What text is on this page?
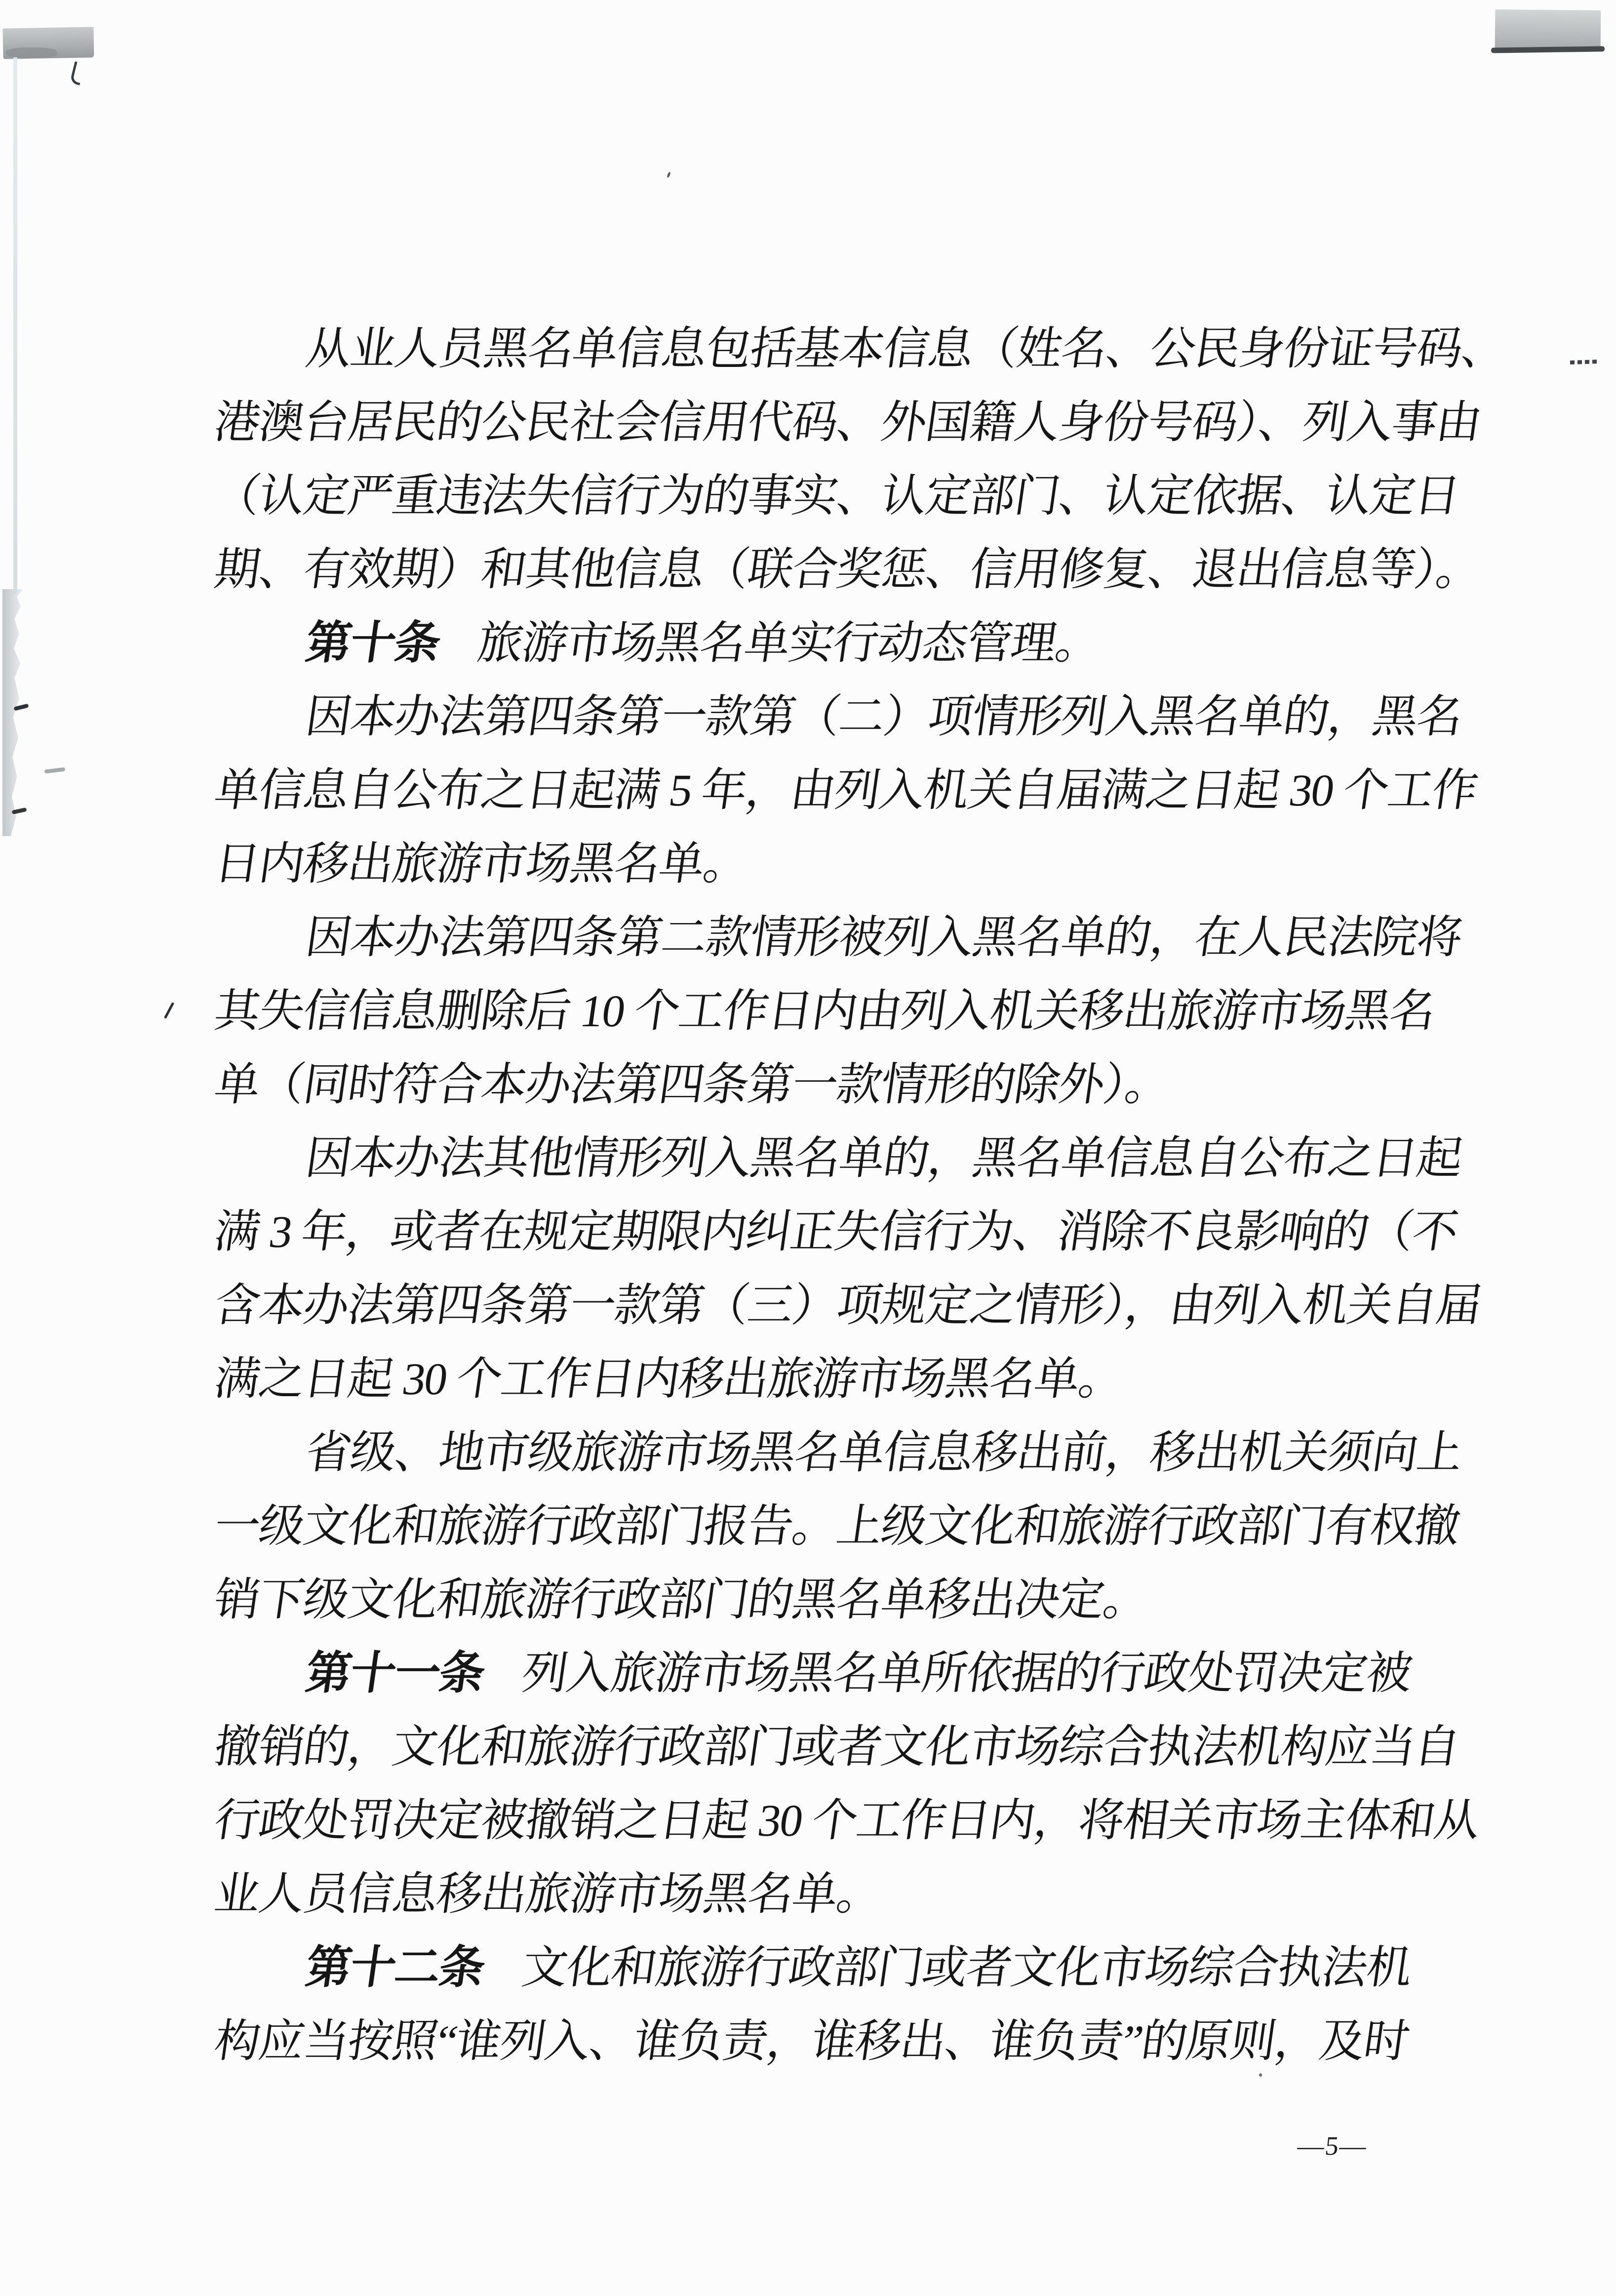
从业人员黑名单信息包括基本信息（姓名、公民身份证号码、
港澳台居民的公民社会信用代码、外国籍人身份号码）、列入事由
（认定严重违法失信行为的事实、认定部门、认定依据、认定日
期、有效期）和其他信息（联合奖惩、信用修复、退出信息等）。
第十条 旅游市场黑名单实行动态管理。
因本办法第四条第一款第（二）项情形列入黑名单的，黑名
单信息自公布之日起满 5 年，由列入机关自届满之日起 30 个工作
日内移出旅游市场黑名单。
因本办法第四条第二款情形被列入黑名单的，在人民法院将
其失信信息删除后 10 个工作日内由列入机关移出旅游市场黑名
单（同时符合本办法第四条第一款情形的除外）。
因本办法其他情形列入黑名单的，黑名单信息自公布之日起
满 3 年，或者在规定期限内纠正失信行为、消除不良影响的（不
含本办法第四条第一款第（三）项规定之情形），由列入机关自届
满之日起 30 个工作日内移出旅游市场黑名单。
省级、地市级旅游市场黑名单信息移出前，移出机关须向上
一级文化和旅游行政部门报告。上级文化和旅游行政部门有权撤
销下级文化和旅游行政部门的黑名单移出决定。
第十一条 列入旅游市场黑名单所依据的行政处罚决定被
撤销的，文化和旅游行政部门或者文化市场综合执法机构应当自
行政处罚决定被撤销之日起 30 个工作日内，将相关市场主体和从
业人员信息移出旅游市场黑名单。
第十二条 文化和旅游行政部门或者文化市场综合执法机
构应当按照“谁列入、谁负责，谁移出、谁负责”的原则，及时
—5—
